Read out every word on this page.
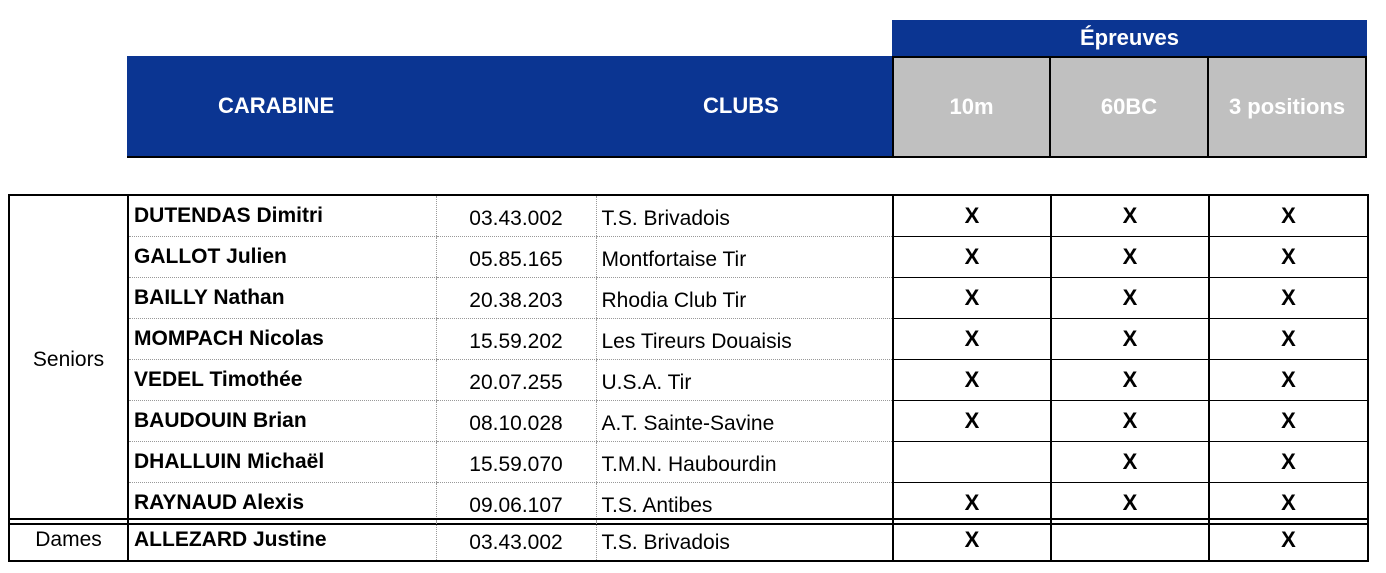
Épreuves
CARABINE	CLUBS	10m	60BC	3 positions
Seniors	DUTENDAS Dimitri	03.43.002	T.S. Brivadois	X	X	X
	GALLOT Julien	05.85.165	Montfortaise Tir	X	X	X
	BAILLY Nathan	20.38.203	Rhodia Club Tir	X	X	X
	MOMPACH Nicolas	15.59.202	Les Tireurs Douaisis	X	X	X
	VEDEL Timothée	20.07.255	U.S.A. Tir	X	X	X
	BAUDOUIN Brian	08.10.028	A.T. Sainte-Savine	X	X	X
	DHALLUIN Michaël	15.59.070	T.M.N. Haubourdin		X	X
	RAYNAUD Alexis	09.06.107	T.S. Antibes	X	X	X
Dames	ALLEZARD Justine	03.43.002	T.S. Brivadois	X		X
